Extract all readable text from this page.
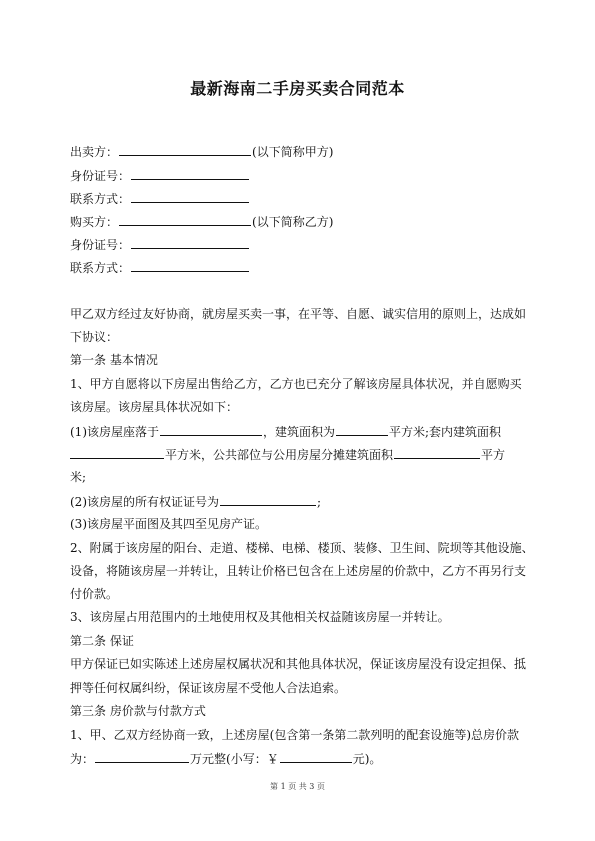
最新海南二手房买卖合同范本
出卖方：	(以下简称甲方)
身份证号：
联系方式：
购买方：	(以下简称乙方)
身份证号：
联系方式：
甲乙双方经过友好协商，就房屋买卖一事，在平等、自愿、诚实信用的原则上，达成如
下协议：
第一条 基本情况
1、甲方自愿将以下房屋出售给乙方，乙方也已充分了解该房屋具体状况，并自愿购买
该房屋。该房屋具体状况如下：
(1)该房屋座落于	，建筑面积为	平方米;套内建筑面积
平方米，公共部位与公用房屋分摊建筑面积	平方
米;
(2)该房屋的所有权证证号为	;
(3)该房屋平面图及其四至见房产证。
2、附属于该房屋的阳台、走道、楼梯、电梯、楼顶、装修、卫生间、院坝等其他设施、
设备，将随该房屋一并转让，且转让价格已包含在上述房屋的价款中，乙方不再另行支
付价款。
3、该房屋占用范围内的土地使用权及其他相关权益随该房屋一并转让。
第二条 保证
甲方保证已如实陈述上述房屋权属状况和其他具体状况，保证该房屋没有设定担保、抵
押等任何权属纠纷，保证该房屋不受他人合法追索。
第三条 房价款与付款方式
1、甲、乙双方经协商一致，上述房屋(包含第一条第二款列明的配套设施等)总房价款
为：	万元整(小写：￥	元)。
第 1 页 共 3 页
